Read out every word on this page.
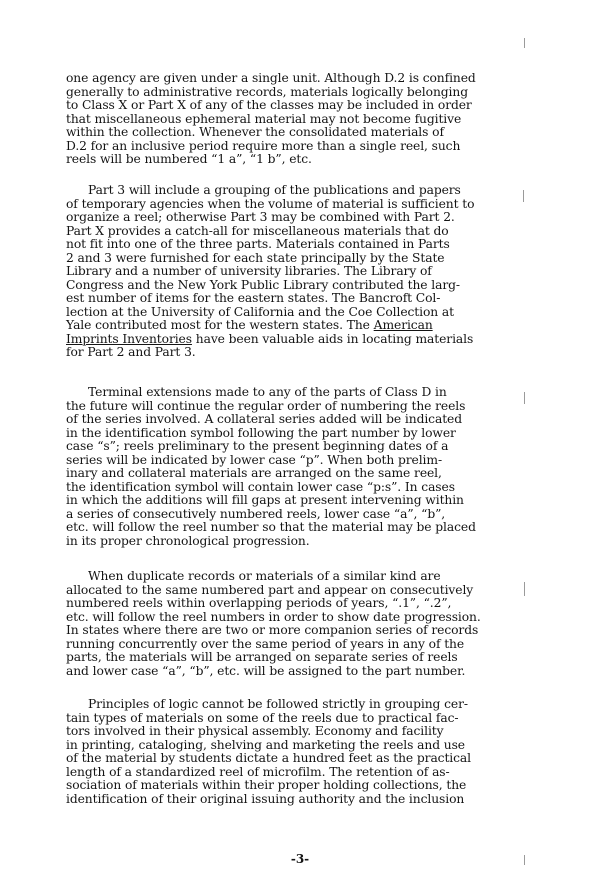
one agency are given under a single unit. Although D.2 is confined
generally to administrative records, materials logically belonging
to Class X or Part X of any of the classes may be included in order
that miscellaneous ephemeral material may not become fugitive
within the collection. Whenever the consolidated materials of
D.2 for an inclusive period require more than a single reel, such
reels will be numbered “1 a”, “1 b”, etc.
Part 3 will include a grouping of the publications and papers
of temporary agencies when the volume of material is sufficient to
organize a reel; otherwise Part 3 may be combined with Part 2.
Part X provides a catch-all for miscellaneous materials that do
not fit into one of the three parts. Materials contained in Parts
2 and 3 were furnished for each state principally by the State
Library and a number of university libraries. The Library of
Congress and the New York Public Library contributed the larg-
est number of items for the eastern states. The Bancroft Col-
lection at the University of California and the Coe Collection at
Yale contributed most for the western states. The American
Imprints Inventories have been valuable aids in locating materials
for Part 2 and Part 3.
Terminal extensions made to any of the parts of Class D in
the future will continue the regular order of numbering the reels
of the series involved. A collateral series added will be indicated
in the identification symbol following the part number by lower
case “s”; reels preliminary to the present beginning dates of a
series will be indicated by lower case “p”. When both prelim-
inary and collateral materials are arranged on the same reel,
the identification symbol will contain lower case “p:s”. In cases
in which the additions will fill gaps at present intervening within
a series of consecutively numbered reels, lower case “a”, “b”,
etc. will follow the reel number so that the material may be placed
in its proper chronological progression.
When duplicate records or materials of a similar kind are
allocated to the same numbered part and appear on consecutively
numbered reels within overlapping periods of years, “.1”, “.2”,
etc. will follow the reel numbers in order to show date progression.
In states where there are two or more companion series of records
running concurrently over the same period of years in any of the
parts, the materials will be arranged on separate series of reels
and lower case “a”, “b”, etc. will be assigned to the part number.
Principles of logic cannot be followed strictly in grouping cer-
tain types of materials on some of the reels due to practical fac-
tors involved in their physical assembly. Economy and facility
in printing, cataloging, shelving and marketing the reels and use
of the material by students dictate a hundred feet as the practical
length of a standardized reel of microfilm. The retention of as-
sociation of materials within their proper holding collections, the
identification of their original issuing authority and the inclusion
-3-
